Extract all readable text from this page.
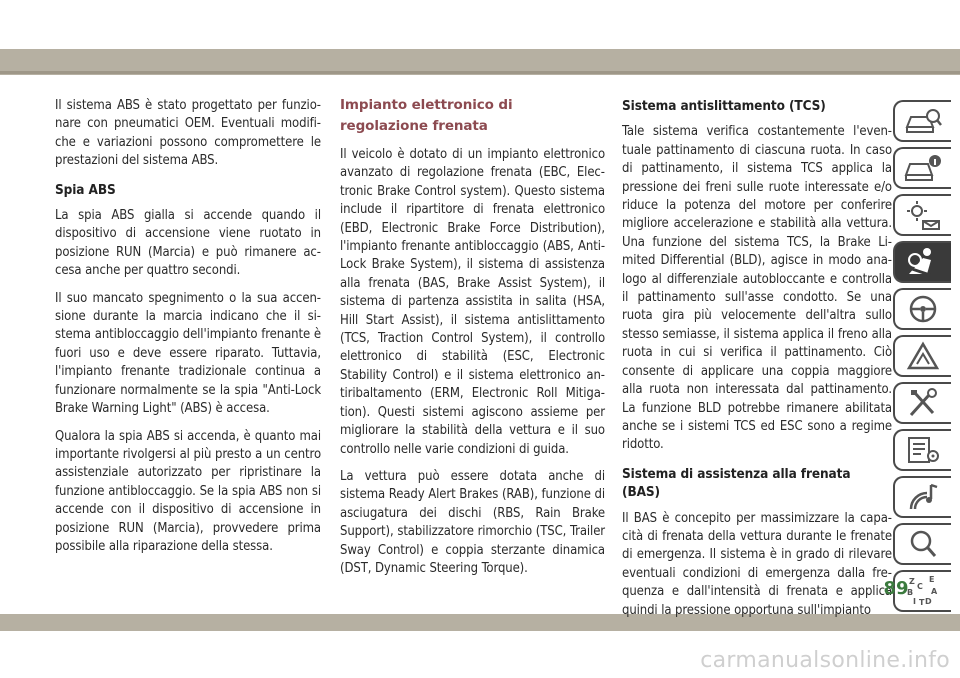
Il sistema ABS è stato progettato per funzionare con pneumatici OEM. Eventuali modifiche e variazioni possono compromettere le prestazioni del sistema ABS.

Spia ABS

La spia ABS gialla si accende quando il dispositivo di accensione viene ruotato in posizione RUN (Marcia) e può rimanere accesa anche per quattro secondi.

Il suo mancato spegnimento o la sua accensione durante la marcia indicano che il sistema antibloccaggio dell'impianto frenante è fuori uso e deve essere riparato. Tuttavia, l'impianto frenante tradizionale continua a funzionare normalmente se la spia "Anti-Lock Brake Warning Light" (ABS) è accesa.

Qualora la spia ABS si accenda, è quanto mai importante rivolgersi al più presto a un centro assistenziale autorizzato per ripristinare la funzione antibloccaggio. Se la spia ABS non si accende con il dispositivo di accensione in posizione RUN (Marcia), provvedere prima possibile alla riparazione della stessa.

Impianto elettronico di regolazione frenata

Il veicolo è dotato di un impianto elettronico avanzato di regolazione frenata (EBC, Electronic Brake Control system). Questo sistema include il ripartitore di frenata elettronico (EBD, Electronic Brake Force Distribution), l'impianto frenante antibloccaggio (ABS, Anti-Lock Brake System), il sistema di assistenza alla frenata (BAS, Brake Assist System), il sistema di partenza assistita in salita (HSA, Hill Start Assist), il sistema antislittamento (TCS, Traction Control System), il controllo elettronico di stabilità (ESC, Electronic Stability Control) e il sistema elettronico antiribaltamento (ERM, Electronic Roll Mitigation). Questi sistemi agiscono assieme per migliorare la stabilità della vettura e il suo controllo nelle varie condizioni di guida.

La vettura può essere dotata anche di sistema Ready Alert Brakes (RAB), funzione di asciugatura dei dischi (RBS, Rain Brake Support), stabilizzatore rimorchio (TSC, Trailer Sway Control) e coppia sterzante dinamica (DST, Dynamic Steering Torque).

Sistema antislittamento (TCS)

Tale sistema verifica costantemente l'eventuale pattinamento di ciascuna ruota. In caso di pattinamento, il sistema TCS applica la pressione dei freni sulle ruote interessate e/o riduce la potenza del motore per conferire migliore accelerazione e stabilità alla vettura. Una funzione del sistema TCS, la Brake Limited Differential (BLD), agisce in modo analogo al differenziale autobloccante e controlla il pattinamento sull'asse condotto. Se una ruota gira più velocemente dell'altra sullo stesso semiasse, il sistema applica il freno alla ruota in cui si verifica il pattinamento. Ciò consente di applicare una coppia maggiore alla ruota non interessata dal pattinamento. La funzione BLD potrebbe rimanere abilitata anche se i sistemi TCS ed ESC sono a regime ridotto.

Sistema di assistenza alla frenata (BAS)

Il BAS è concepito per massimizzare la capacità di frenata della vettura durante le frenate di emergenza. Il sistema è in grado di rilevare eventuali condizioni di emergenza dalla frequenza e dall'intensità di frenata e applica quindi la pressione opportuna sull'impianto

Z E
B A
C
D
I T
89
carmanualsonline.info
